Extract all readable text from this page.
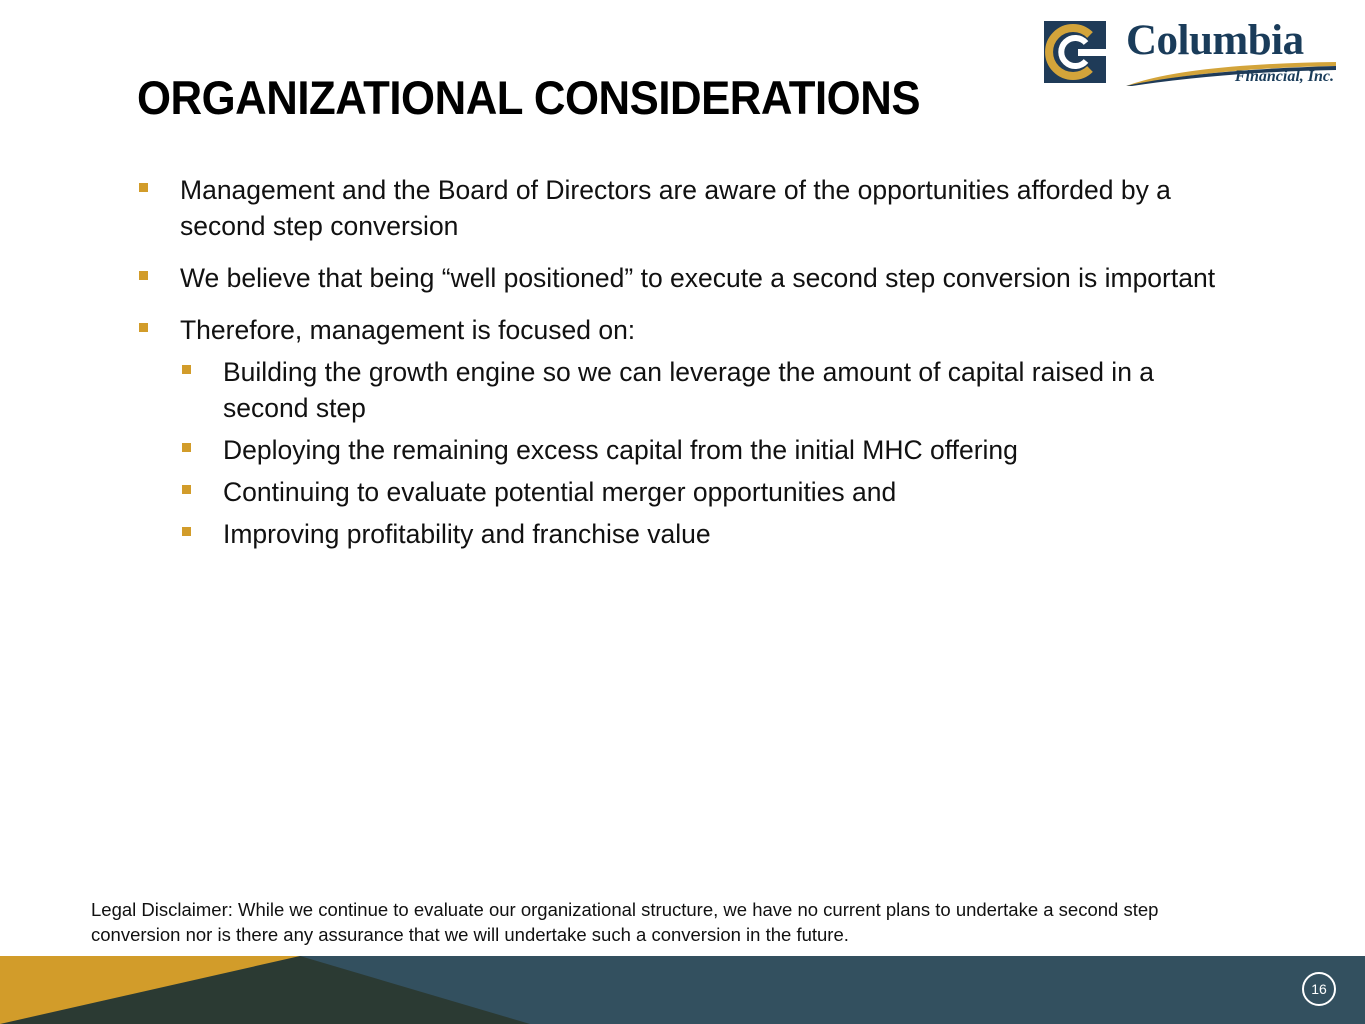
ORGANIZATIONAL CONSIDERATIONS
Columbia
Financial, Inc.
Management and the Board of Directors are aware of the opportunities afforded by a second step conversion
We believe that being “well positioned” to execute a second step conversion is important
Therefore, management is focused on:
Building the growth engine so we can leverage the amount of capital raised in a second step
Deploying the remaining excess capital from the initial MHC offering
Continuing to evaluate potential merger opportunities and
Improving profitability and franchise value
Legal Disclaimer: While we continue to evaluate our organizational structure, we have no current plans to undertake a second step conversion nor is there any assurance that we will undertake such a conversion in the future.
16
